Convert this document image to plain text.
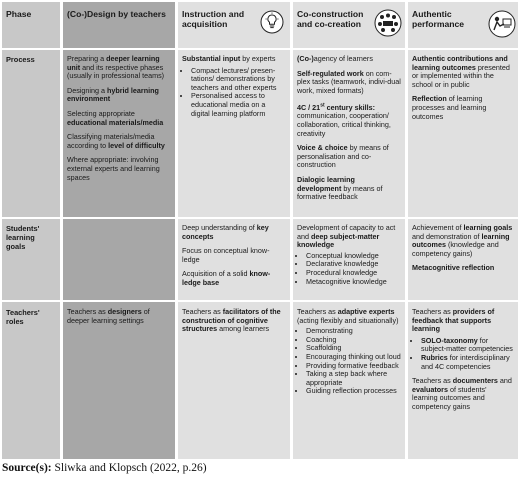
Phase	(Co-)Design by teachers	Instruction and acquisition
Co-construction and co-creation
Authentic performance
Process
Students' learning goals
Teachers' roles

Preparing a deeper learning unit and its respective phases (usually in professional teams)

Designing a hybrid learning environment

Selecting appropriate educational materials/media

Classifying materials/media according to level of difficulty

Where appropriate: involving external experts and learning spaces

Substantial input by experts

• Compact lectures/ presen-tations/ demonstrations by teachers and other experts
• Personalised access to educational media on a digital learning platform

(Co-)agency of learners

Self-regulated work on com-plex tasks (teamwork, indivi-dual work, mixed formats)

4C / 21st century skills: communication, cooperation/ collaboration, critical thinking, creativity

Voice & choice by means of personalisation and co-construction

Dialogic learning development by means of formative feedback

Authentic contributions and learning outcomes presented or implemented within the school or in public

Reflection of learning processes and learning outcomes

Deep understanding of key concepts

Focus on conceptual know-ledge

Acquisition of a solid know-ledge base

Development of capacity to act and deep subject-matter knowledge

• Conceptual knowledge
• Declarative knowledge
• Procedural knowledge
• Metacognitive knowledge

Achievement of learning goals and demonstration of learning outcomes (knowledge and competency gains)

Metacognitive reflection

Teachers as designers of deeper learning settings

Teachers as facilitators of the construction of cognitive structures among learners

Teachers as adaptive experts (acting flexibly and situationally)

• Demonstrating
• Coaching
• Scaffolding
• Encouraging thinking out loud
• Providing formative feedback
• Taking a step back where appropriate
• Guiding reflection processes

Teachers as providers of feedback that supports learning

• SOLO-taxonomy for subject-matter competencies
• Rubrics for interdisciplinary and 4C competencies

Teachers as documenters and evaluators of students' learning outcomes and competency gains

Source(s): Sliwka and Klopsch (2022, p.26)
